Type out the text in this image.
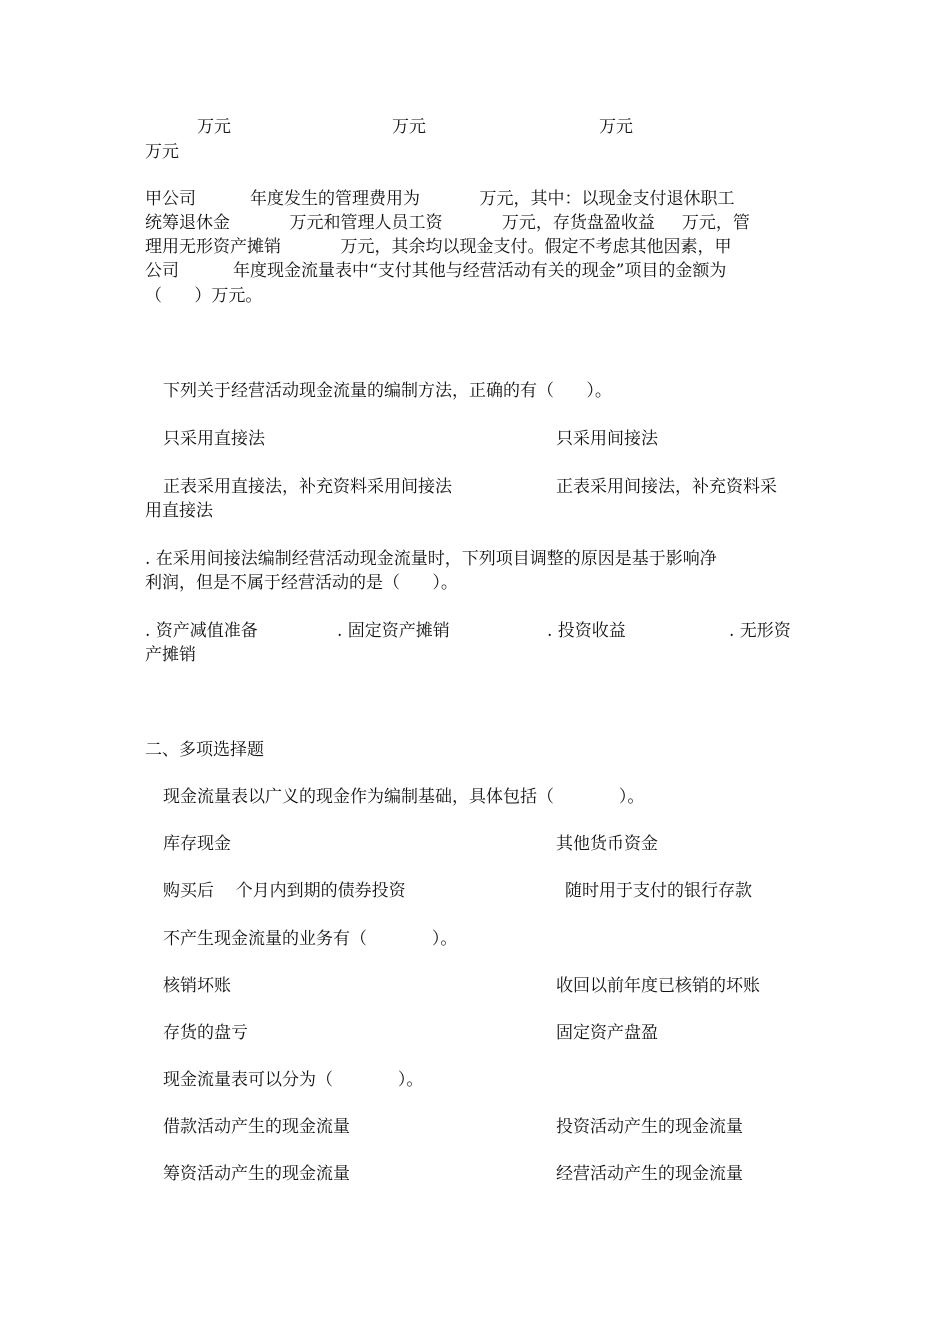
万元	万元	万元
万元
甲公司          年度发生的管理费用为           万元，其中：以现金支付退休职工
统筹退休金           万元和管理人员工资           万元，存货盘盈收益     万元，管
理用无形资产摊销           万元，其余均以现金支付。假定不考虑其他因素，甲
公司          年度现金流量表中“支付其他与经营活动有关的现金”项目的金额为
（      ）万元。
下列关于经营活动现金流量的编制方法，正确的有（      ）。
只采用直接法	只采用间接法
正表采用直接法，补充资料采用间接法	正表采用间接法，补充资料采
用直接法
. 在采用间接法编制经营活动现金流量时，下列项目调整的原因是基于影响净
利润，但是不属于经营活动的是（      ）。
. 资产减值准备	. 固定资产摊销	. 投资收益	. 无形资
产摊销
二、多项选择题
现金流量表以广义的现金作为编制基础，具体包括（            ）。
库存现金	其他货币资金
购买后    个月内到期的债券投资	随时用于支付的银行存款
不产生现金流量的业务有（            ）。
核销坏账	收回以前年度已核销的坏账
存货的盘亏	固定资产盘盈
现金流量表可以分为（            ）。
借款活动产生的现金流量	投资活动产生的现金流量
筹资活动产生的现金流量	经营活动产生的现金流量
